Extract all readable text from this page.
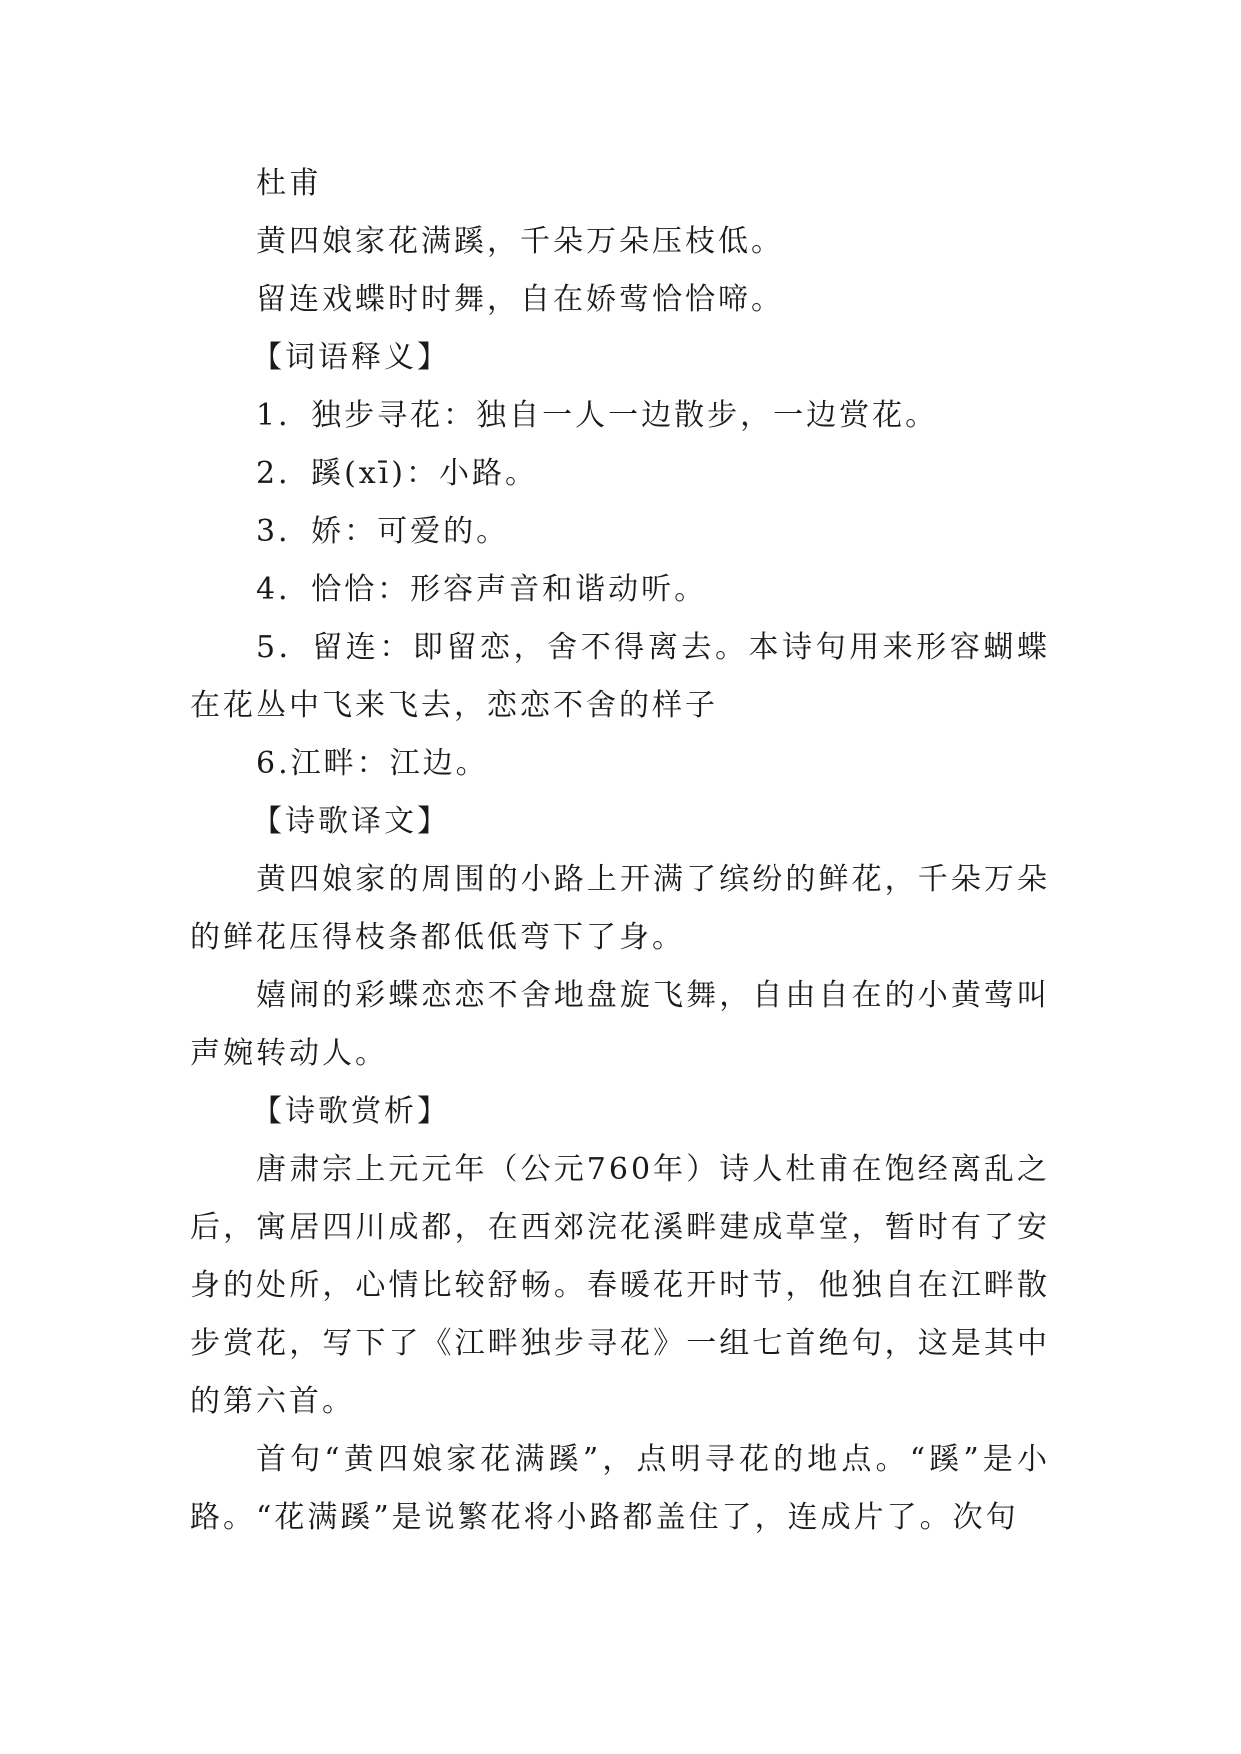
杜甫

黄四娘家花满蹊，千朵万朵压枝低。

留连戏蝶时时舞，自在娇莺恰恰啼。

【词语释义】

1．独步寻花：独自一人一边散步，一边赏花。

2．蹊(xī)：小路。

3．娇：可爱的。

4．恰恰：形容声音和谐动听。

5．留连：即留恋，舍不得离去。本诗句用来形容蝴蝶在花丛中飞来飞去，恋恋不舍的样子

6.江畔：江边。

【诗歌译文】

黄四娘家的周围的小路上开满了缤纷的鲜花，千朵万朵的鲜花压得枝条都低低弯下了身。

嬉闹的彩蝶恋恋不舍地盘旋飞舞，自由自在的小黄莺叫声婉转动人。

【诗歌赏析】

唐肃宗上元元年（公元760年）诗人杜甫在饱经离乱之后，寓居四川成都，在西郊浣花溪畔建成草堂，暂时有了安身的处所，心情比较舒畅。春暖花开时节，他独自在江畔散步赏花，写下了《江畔独步寻花》一组七首绝句，这是其中的第六首。

首句“黄四娘家花满蹊”，点明寻花的地点。“蹊”是小路。“花满蹊”是说繁花将小路都盖住了，连成片了。次句
